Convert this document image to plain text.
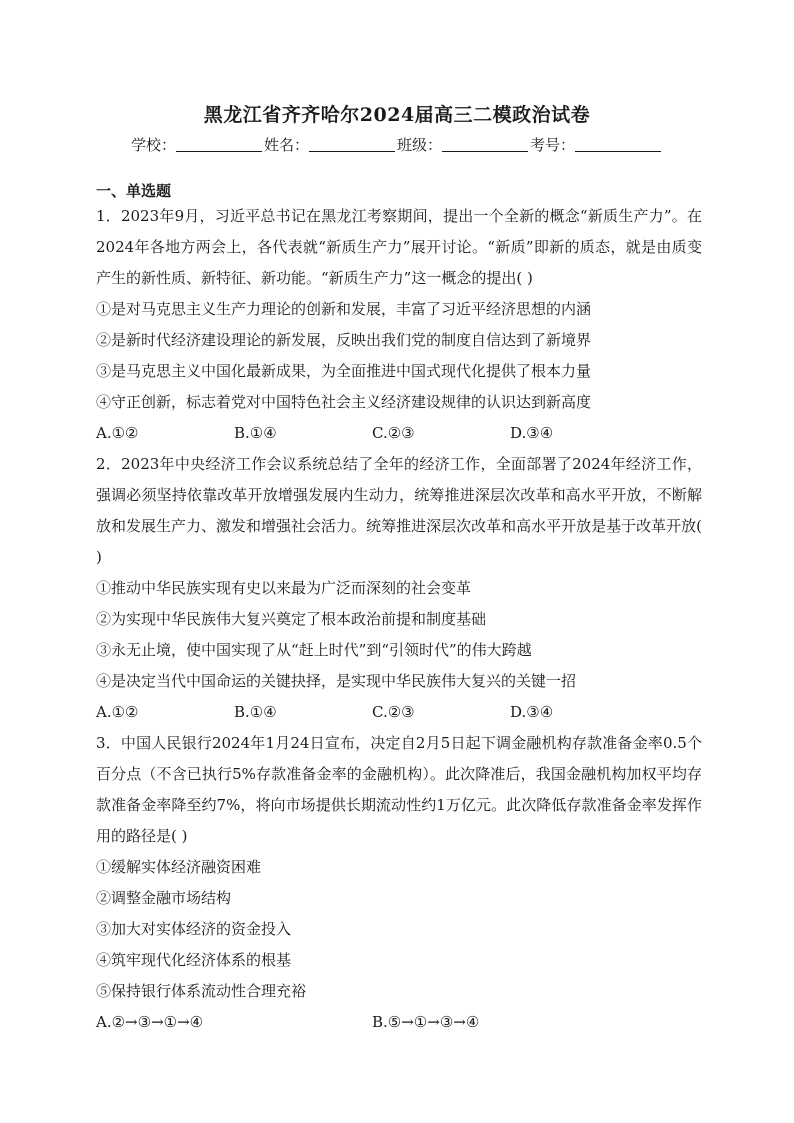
黑龙江省齐齐哈尔2024届高三二模政治试卷
学校：	姓名：	班级：	考号：
一、单选题

1．2023年9月，习近平总书记在黑龙江考察期间，提出一个全新的概念“新质生产力”。在2024年各地方两会上，各代表就“新质生产力”展开讨论。“新质”即新的质态，就是由质变产生的新性质、新特征、新功能。“新质生产力”这一概念的提出( )

①是对马克思主义生产力理论的创新和发展，丰富了习近平经济思想的内涵

②是新时代经济建设理论的新发展，反映出我们党的制度自信达到了新境界

③是马克思主义中国化最新成果，为全面推进中国式现代化提供了根本力量

④守正创新，标志着党对中国特色社会主义经济建设规律的认识达到新高度

A.①②	B.①④	C.②③	D.③④

2．2023年中央经济工作会议系统总结了全年的经济工作，全面部署了2024年经济工作，强调必须坚持依靠改革开放增强发展内生动力，统筹推进深层次改革和高水平开放，不断解放和发展生产力、激发和增强社会活力。统筹推进深层次改革和高水平开放是基于改革开放( )

①推动中华民族实现有史以来最为广泛而深刻的社会变革

②为实现中华民族伟大复兴奠定了根本政治前提和制度基础

③永无止境，使中国实现了从“赶上时代”到“引领时代”的伟大跨越

④是决定当代中国命运的关键抉择，是实现中华民族伟大复兴的关键一招

A.①②	B.①④	C.②③	D.③④

3．中国人民银行2024年1月24日宣布，决定自2月5日起下调金融机构存款准备金率0.5个百分点（不含已执行5%存款准备金率的金融机构）。此次降准后，我国金融机构加权平均存款准备金率降至约7%，将向市场提供长期流动性约1万亿元。此次降低存款准备金率发挥作用的路径是( )

①缓解实体经济融资困难

②调整金融市场结构

③加大对实体经济的资金投入

④筑牢现代化经济体系的根基

⑤保持银行体系流动性合理充裕

A.②→③→①→④	B.⑤→①→③→④
